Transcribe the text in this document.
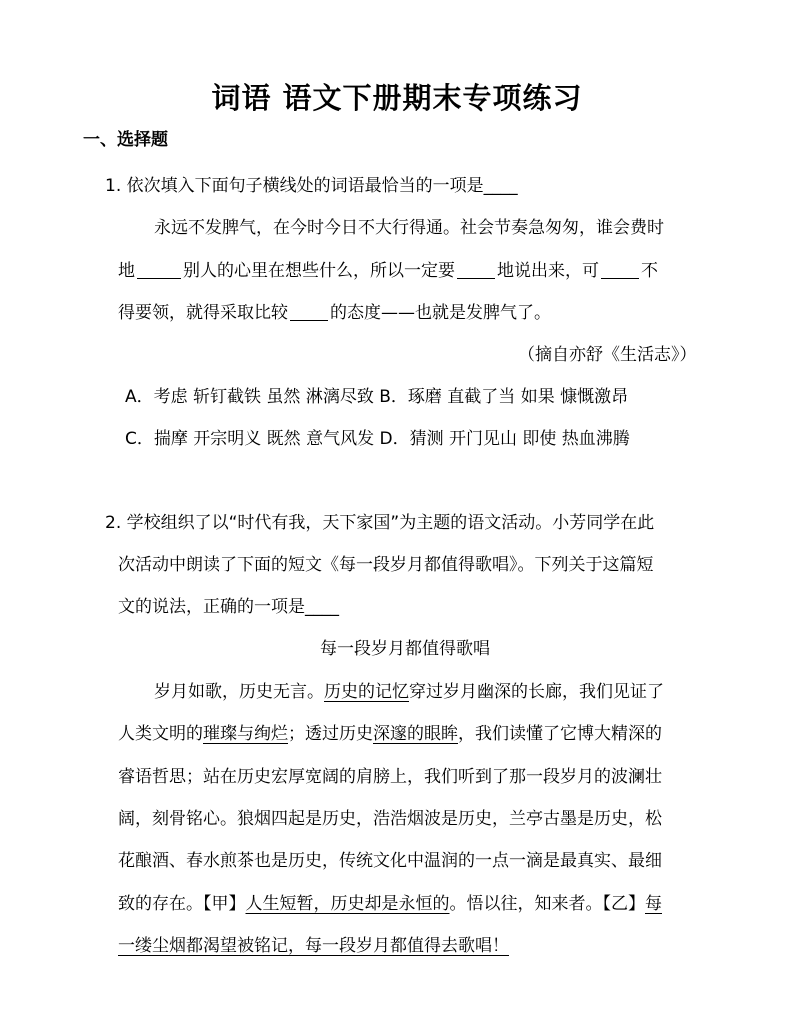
词语 语文下册期末专项练习
一、选择题
1. 依次填入下面句子横线处的词语最恰当的一项是____
永远不发脾气，在今时今日不大行得通。社会节奏急匆匆，谁会费时
地	别人的心里在想些什么，所以一定要 地说出来，可 不
得要领，就得采取比较 的态度——也就是发脾气了。
（摘自亦舒《生活志》）
A．考虑 斩钉截铁 虽然 淋漓尽致 B．琢磨 直截了当 如果 慷慨激昂
C．揣摩 开宗明义 既然 意气风发 D．猜测 开门见山 即使 热血沸腾
2. 学校组织了以“时代有我，天下家国”为主题的语文活动。小芳同学在此
次活动中朗读了下面的短文《每一段岁月都值得歌唱》。下列关于这篇短
文的说法，正确的一项是____
每一段岁月都值得歌唱
岁月如歌，历史无言。历史的记忆穿过岁月幽深的长廊，我们见证了
人类文明的璀璨与绚烂；透过历史深邃的眼眸，我们读懂了它博大精深的
睿语哲思；站在历史宏厚宽阔的肩膀上，我们听到了那一段岁月的波澜壮
阔，刻骨铭心。狼烟四起是历史，浩浩烟波是历史，兰亭古墨是历史，松
花酿酒、春水煎茶也是历史，传统文化中温润的一点一滴是最真实、最细
致的存在。【甲】人生短暂，历史却是永恒的。悟以往，知来者。【乙】每
一缕尘烟都渴望被铭记，每一段岁月都值得去歌唱！
